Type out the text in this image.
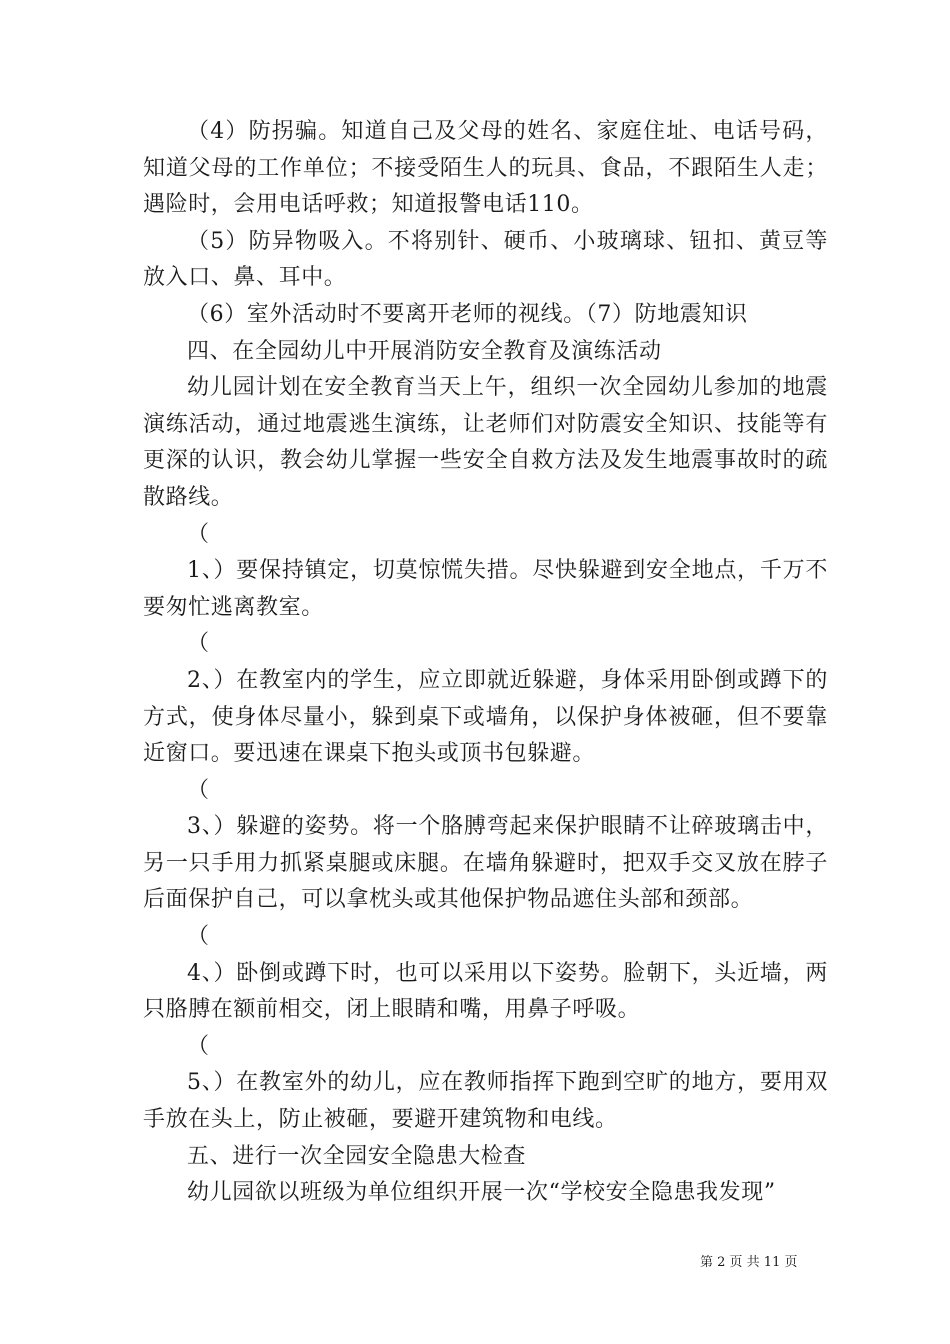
（4）防拐骗。知道自己及父母的姓名、家庭住址、电话号码，知道父母的工作单位；不接受陌生人的玩具、食品，不跟陌生人走；遇险时，会用电话呼救；知道报警电话110。

（5）防异物吸入。不将别针、硬币、小玻璃球、钮扣、黄豆等放入口、鼻、耳中。

（6）室外活动时不要离开老师的视线。（7）防地震知识

四、在全园幼儿中开展消防安全教育及演练活动

幼儿园计划在安全教育当天上午，组织一次全园幼儿参加的地震演练活动，通过地震逃生演练，让老师们对防震安全知识、技能等有更深的认识，教会幼儿掌握一些安全自救方法及发生地震事故时的疏散路线。

（

1、）要保持镇定，切莫惊慌失措。尽快躲避到安全地点，千万不要匆忙逃离教室。

（

2、）在教室内的学生，应立即就近躲避，身体采用卧倒或蹲下的方式，使身体尽量小，躲到桌下或墙角，以保护身体被砸，但不要靠近窗口。要迅速在课桌下抱头或顶书包躲避。

（

3、）躲避的姿势。将一个胳膊弯起来保护眼睛不让碎玻璃击中，另一只手用力抓紧桌腿或床腿。在墙角躲避时，把双手交叉放在脖子后面保护自己，可以拿枕头或其他保护物品遮住头部和颈部。

（

4、）卧倒或蹲下时，也可以采用以下姿势。脸朝下，头近墙，两只胳膊在额前相交，闭上眼睛和嘴，用鼻子呼吸。

（

5、）在教室外的幼儿，应在教师指挥下跑到空旷的地方，要用双手放在头上，防止被砸，要避开建筑物和电线。

五、进行一次全园安全隐患大检查

幼儿园欲以班级为单位组织开展一次“学校安全隐患我发现”

第 2 页 共 11 页
